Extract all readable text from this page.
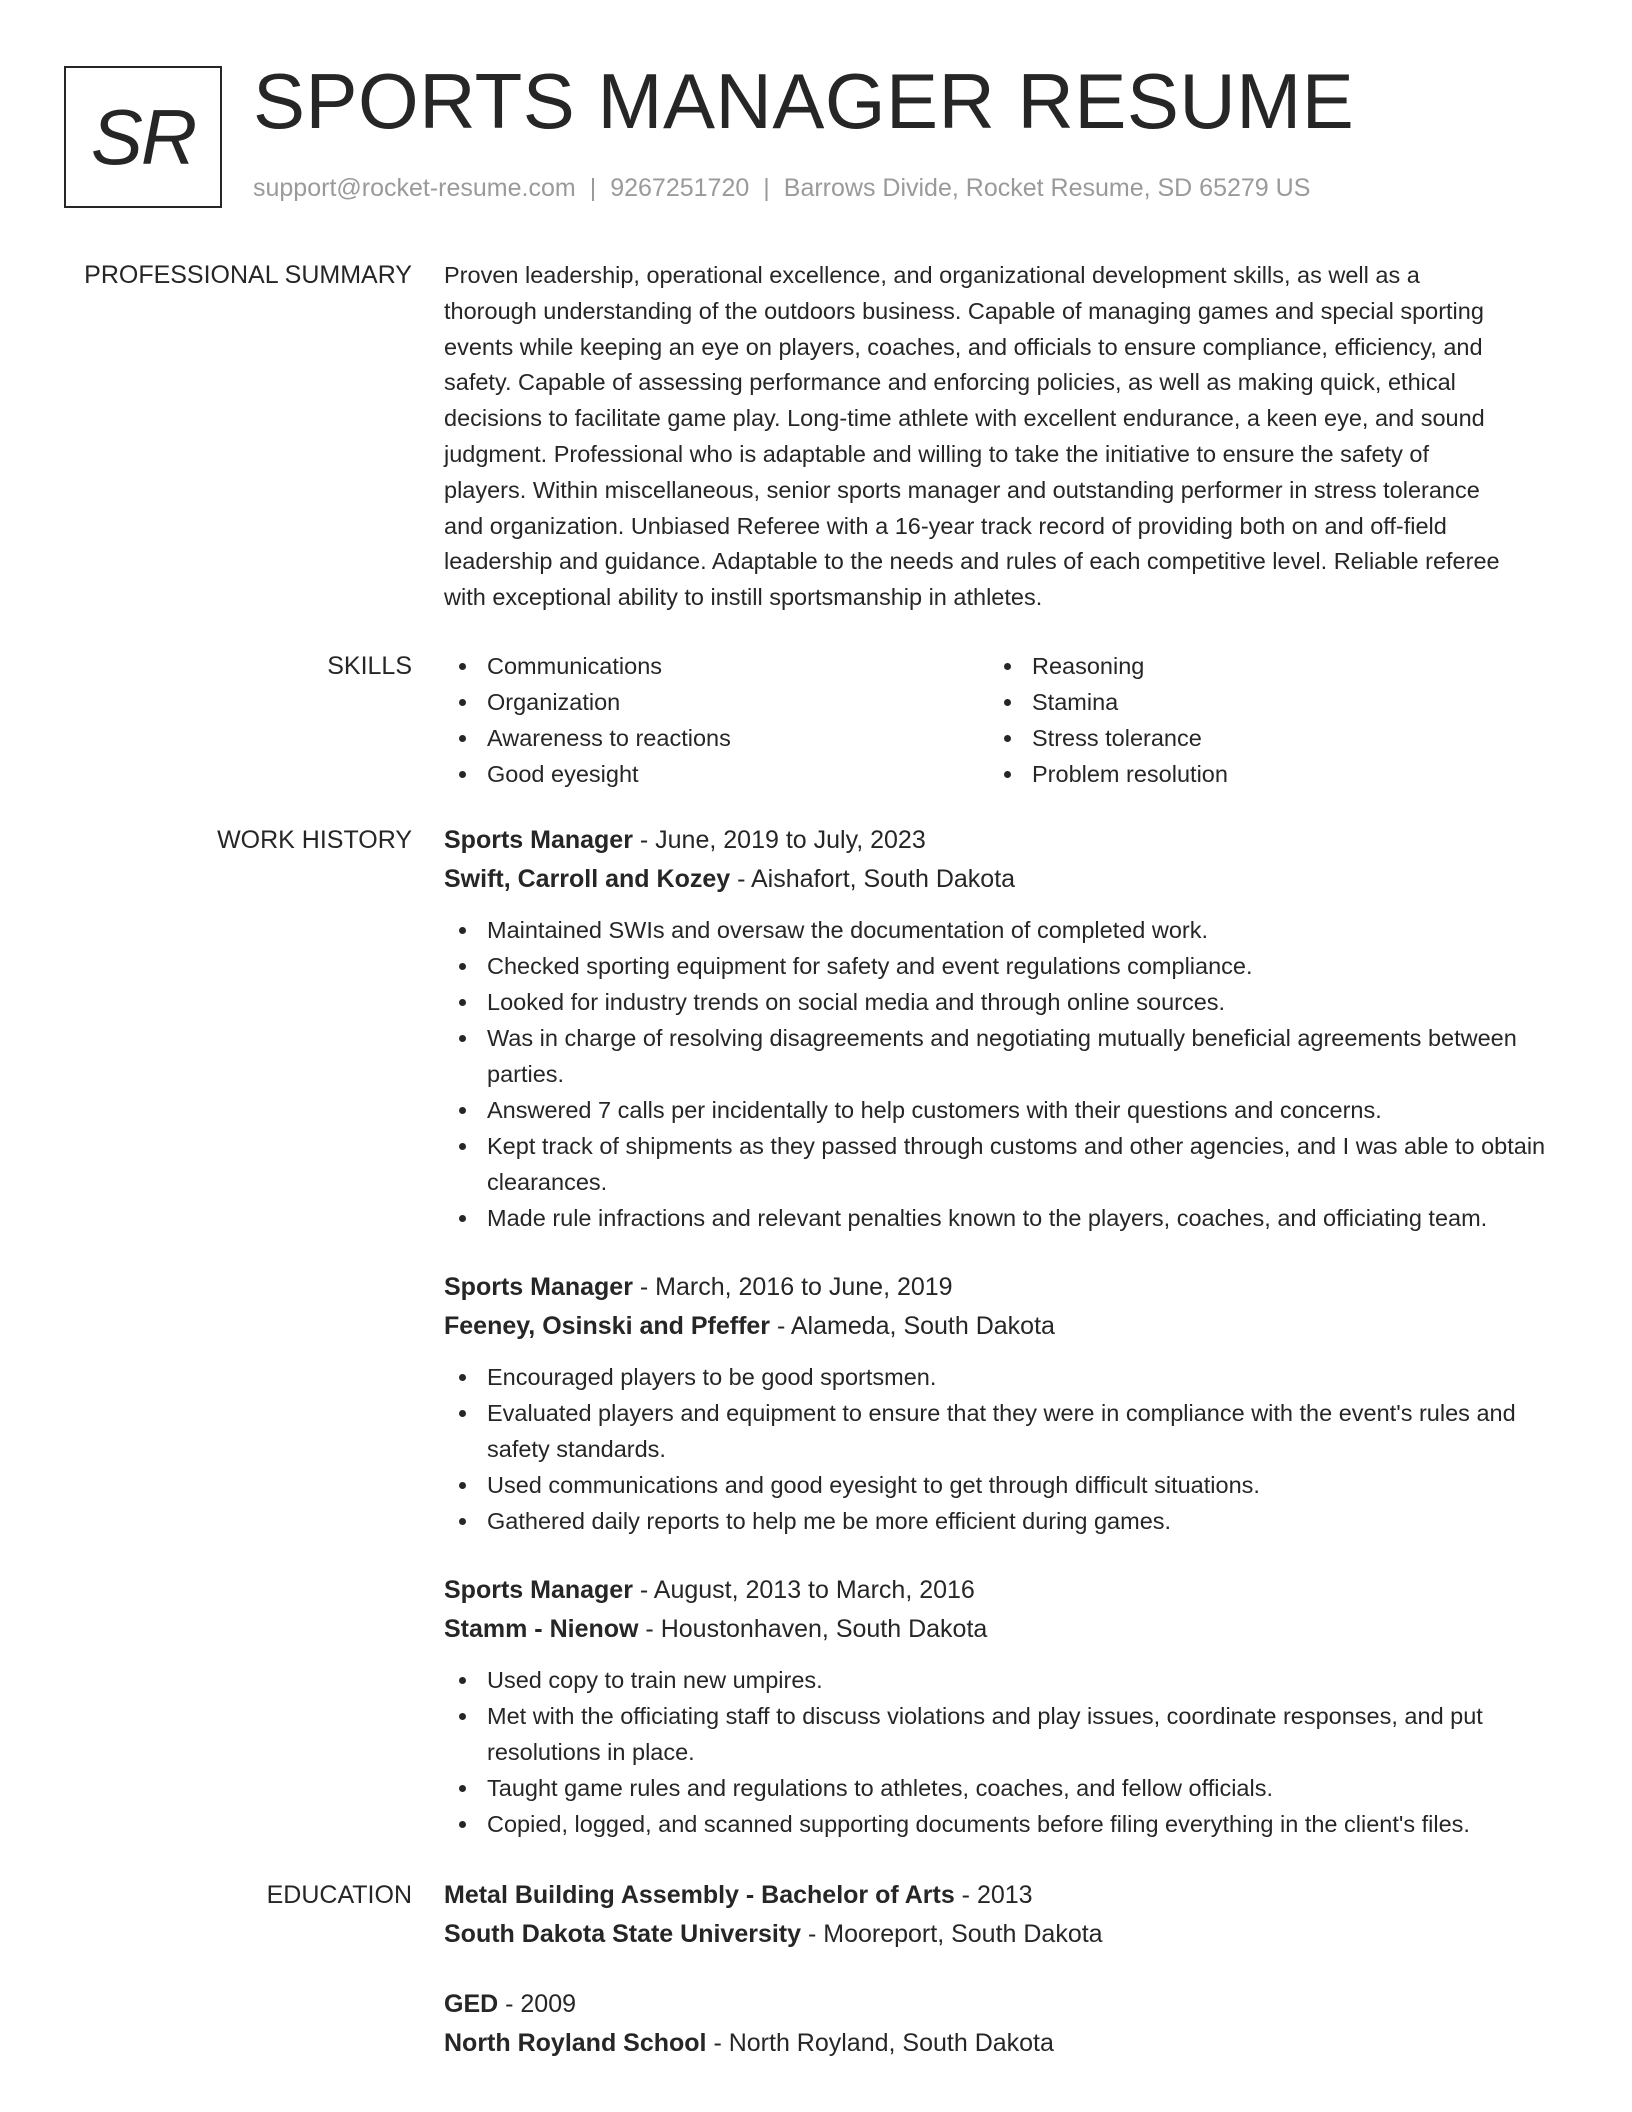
SR SPORTS MANAGER RESUME
support@rocket-resume.com | 9267251720 | Barrows Divide, Rocket Resume, SD 65279 US
PROFESSIONAL SUMMARY Proven leadership, operational excellence, and organizational development skills, as well as a
thorough understanding of the outdoors business. Capable of managing games and special sporting
events while keeping an eye on players, coaches, and officials to ensure compliance, efficiency, and
safety. Capable of assessing performance and enforcing policies, as well as making quick, ethical
decisions to facilitate game play. Long-time athlete with excellent endurance, a keen eye, and sound
judgment. Professional who is adaptable and willing to take the initiative to ensure the safety of
players. Within miscellaneous, senior sports manager and outstanding performer in stress tolerance
and organization. Unbiased Referee with a 16-year track record of providing both on and off-field
leadership and guidance. Adaptable to the needs and rules of each competitive level. Reliable referee
with exceptional ability to instill sportsmanship in athletes.
SKILLS	Communications
Organization
Awareness to reactions
Good eyesight
Reasoning
Stamina
Stress tolerance
Problem resolution
WORK HISTORY Sports Manager - June, 2019 to July, 2023
Swift, Carroll and Kozey - Aishafort, South Dakota
Maintained SWIs and oversaw the documentation of completed work.
Checked sporting equipment for safety and event regulations compliance.
Looked for industry trends on social media and through online sources.
Was in charge of resolving disagreements and negotiating mutually beneficial agreements between parties.
Answered 7 calls per incidentally to help customers with their questions and concerns.
Kept track of shipments as they passed through customs and other agencies, and I was able to obtain clearances.
Made rule infractions and relevant penalties known to the players, coaches, and officiating team.
Sports Manager - March, 2016 to June, 2019
Feeney, Osinski and Pfeffer - Alameda, South Dakota
Encouraged players to be good sportsmen.
Evaluated players and equipment to ensure that they were in compliance with the event's rules and safety standards.
Used communications and good eyesight to get through difficult situations.
Gathered daily reports to help me be more efficient during games.
Sports Manager - August, 2013 to March, 2016
Stamm - Nienow - Houstonhaven, South Dakota
Used copy to train new umpires.
Met with the officiating staff to discuss violations and play issues, coordinate responses, and put resolutions in place.
Taught game rules and regulations to athletes, coaches, and fellow officials.
Copied, logged, and scanned supporting documents before filing everything in the client's files.
EDUCATION Metal Building Assembly - Bachelor of Arts - 2013
South Dakota State University - Mooreport, South Dakota
GED - 2009
North Royland School - North Royland, South Dakota
